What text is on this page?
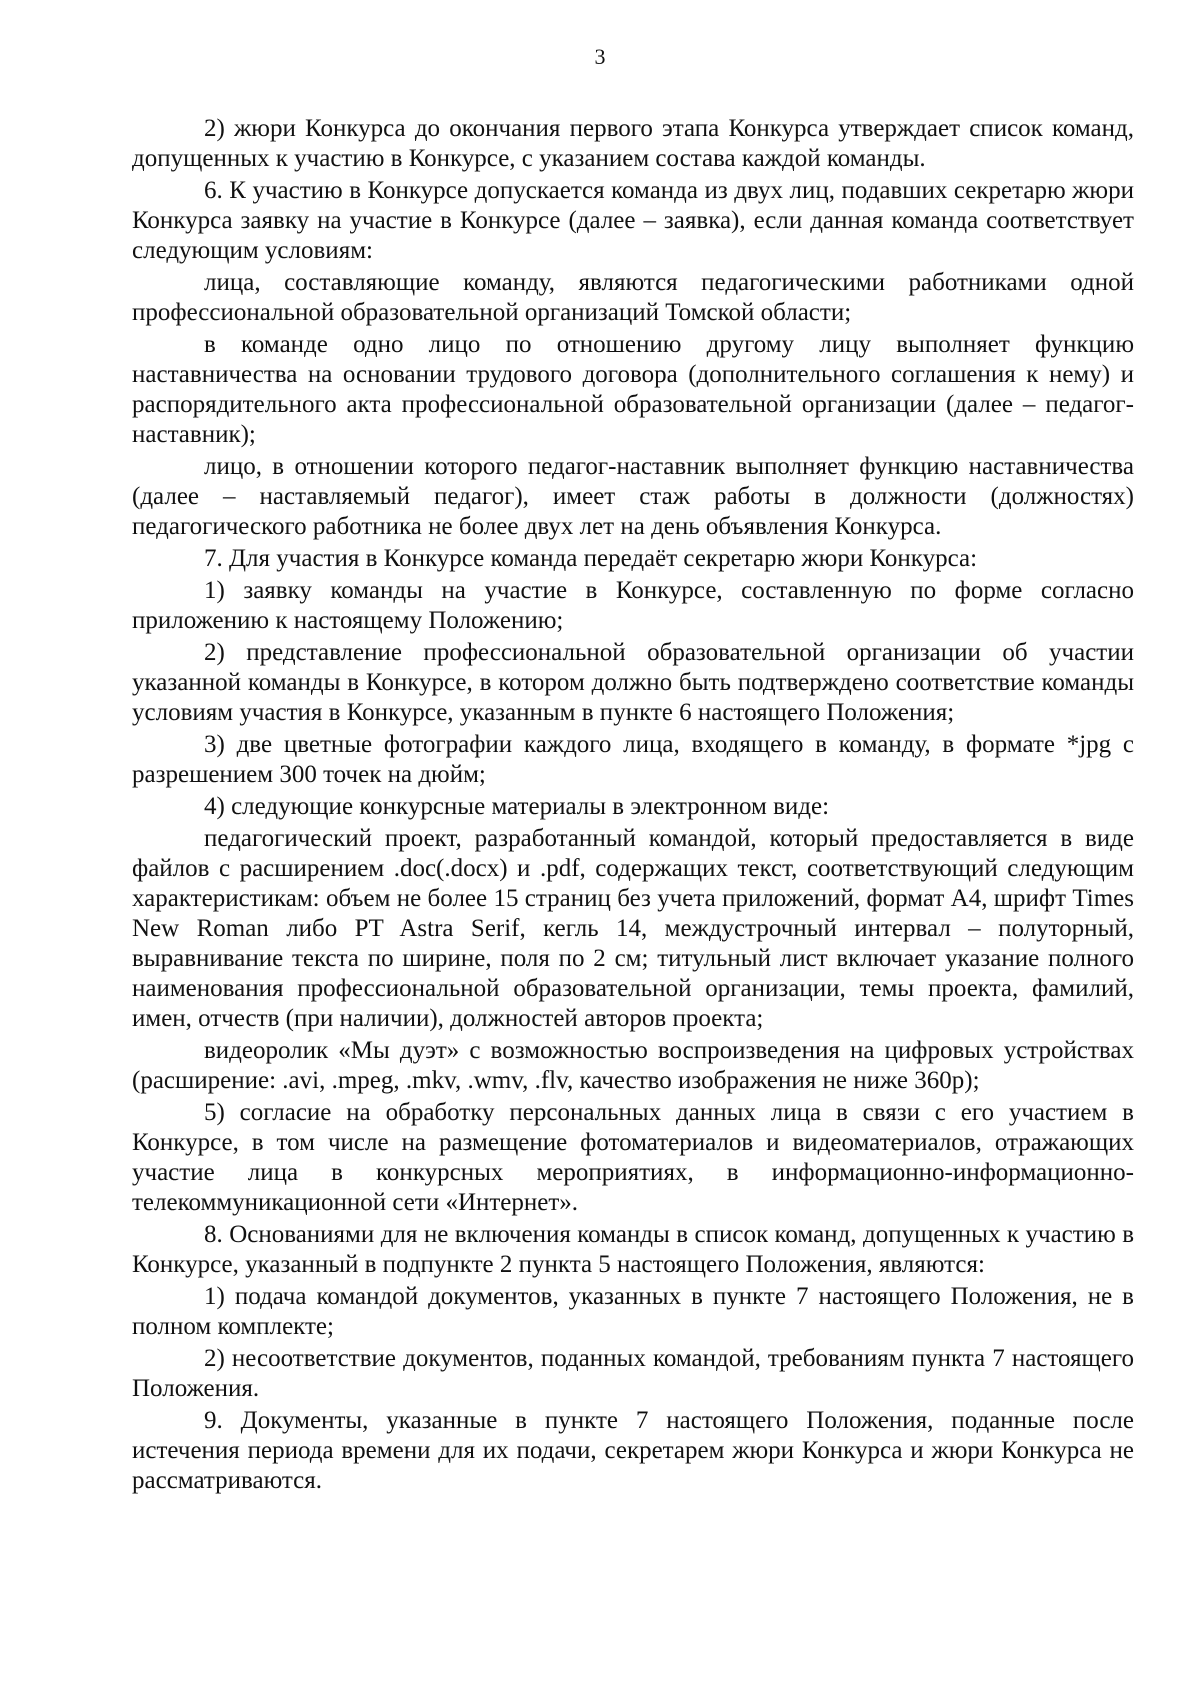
3

2) жюри Конкурса до окончания первого этапа Конкурса утверждает список команд, допущенных к участию в Конкурсе, с указанием состава каждой команды.

6. К участию в Конкурсе допускается команда из двух лиц, подавших секретарю жюри Конкурса заявку на участие в Конкурсе (далее – заявка), если данная команда соответствует следующим условиям:

лица, составляющие команду, являются педагогическими работниками одной профессиональной образовательной организаций Томской области;

в команде одно лицо по отношению другому лицу выполняет функцию наставничества на основании трудового договора (дополнительного соглашения к нему) и распорядительного акта профессиональной образовательной организации (далее – педагог-наставник);

лицо, в отношении которого педагог-наставник выполняет функцию наставничества (далее – наставляемый педагог), имеет стаж работы в должности (должностях) педагогического работника не более двух лет на день объявления Конкурса.

7. Для участия в Конкурсе команда передаёт секретарю жюри Конкурса:

1) заявку команды на участие в Конкурсе, составленную по форме согласно приложению к настоящему Положению;

2) представление профессиональной образовательной организации об участии указанной команды в Конкурсе, в котором должно быть подтверждено соответствие команды условиям участия в Конкурсе, указанным в пункте 6 настоящего Положения;

3) две цветные фотографии каждого лица, входящего в команду, в формате *jpg с разрешением 300 точек на дюйм;

4) следующие конкурсные материалы в электронном виде:

педагогический проект, разработанный командой, который предоставляется в виде файлов с расширением .doc(.docx) и .pdf, содержащих текст, соответствующий следующим характеристикам: объем не более 15 страниц без учета приложений, формат А4, шрифт Times New Roman либо PT Astra Serif, кегль 14, междустрочный интервал – полуторный, выравнивание текста по ширине, поля по 2 см; титульный лист включает указание полного наименования профессиональной образовательной организации, темы проекта, фамилий, имен, отчеств (при наличии), должностей авторов проекта;

видеоролик «Мы дуэт» с возможностью воспроизведения на цифровых устройствах (расширение: .avi, .mpeg, .mkv, .wmv, .flv, качество изображения не ниже 360р);

5) согласие на обработку персональных данных лица в связи с его участием в Конкурсе, в том числе на размещение фотоматериалов и видеоматериалов, отражающих участие лица в конкурсных мероприятиях, в информационно-информационно-телекоммуникационной сети «Интернет».

8. Основаниями для не включения команды в список команд, допущенных к участию в Конкурсе, указанный в подпункте 2 пункта 5 настоящего Положения, являются:

1) подача командой документов, указанных в пункте 7 настоящего Положения, не в полном комплекте;

2) несоответствие документов, поданных командой, требованиям пункта 7 настоящего Положения.

9. Документы, указанные в пункте 7 настоящего Положения, поданные после истечения периода времени для их подачи, секретарем жюри Конкурса и жюри Конкурса не рассматриваются.
